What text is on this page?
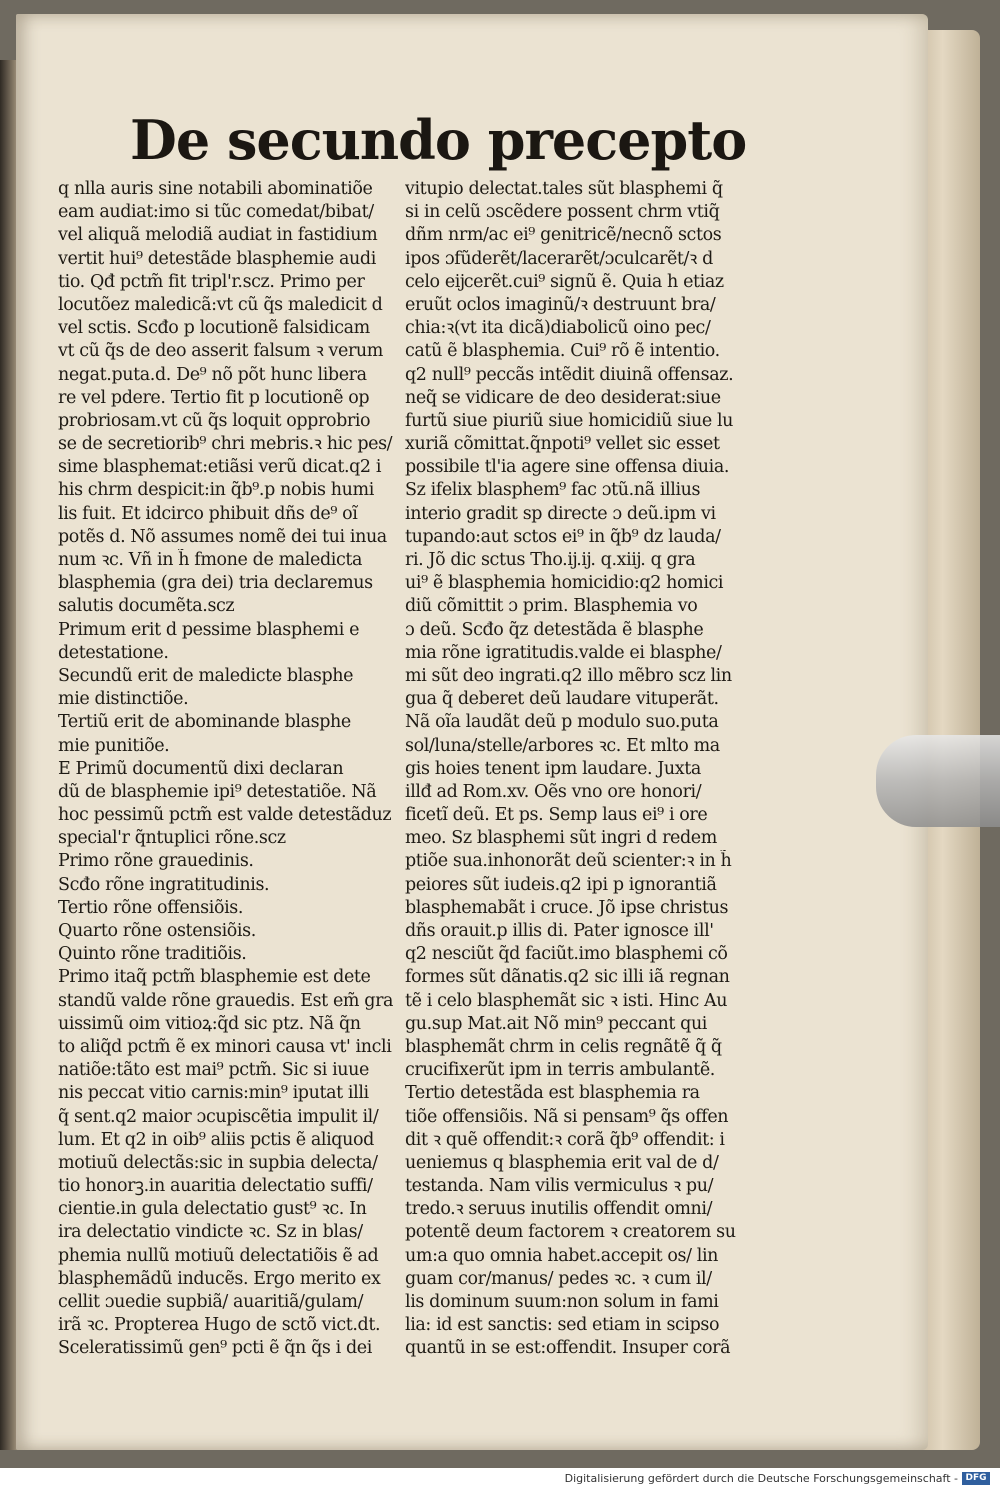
De secundo precepto
q nlla auris sine notabili abominatiõe
eam audiat:imo si tũc comedat/bibat/
vel aliquã melodiã audiat in fastidium
vertit hui⁹ detestãde blasphemie audi
tio. Qđ pctm̃ fit tripl'r.scz. Primo per
locutõez maledicã:vt cũ q̃s maledicit d
vel sctis. Scđo p locutionẽ falsidicam
vt cũ q̃s de deo asserit falsum ꝛ verum
negat.puta.d. De⁹ nõ põt hunc libera
re vel pdere. Tertio fit p locutionẽ op
probriosam.vt cũ q̃s loquit opprobrio
se de secretiorib⁹ chri mebris.ꝛ hic pes/
sime blasphemat:etiãsi verũ dicat.q2 i
his chrm despicit:in q̃b⁹.p nobis humi
lis fuit. Et idcirco phibuit dñs de⁹ oĩ
potẽs d. Nõ assumes nomẽ dei tui inua
num ꝛc. Vñ in h̃ fmone de maledicta
blasphemia (gra dei) tria declaremus
salutis documẽta.scz
Primum erit d pessime blasphemi e
detestatione.
Secundũ erit de maledicte blasphe
mie distinctiõe.
Tertiũ erit de abominande blasphe
mie punitiõe.
E Primũ documentũ dixi declaran
dũ de blasphemie ipi⁹ detestatiõe. Nã
hoc pessimũ pctm̃ est valde detestãduz
special'r q̃ntuplici rõne.scz
Primo rõne grauedinis.
Scđo rõne ingratitudinis.
Tertio rõne offensiõis.
Quarto rõne ostensiõis.
Quinto rõne traditiõis.
Primo itaq̃ pctm̃ blasphemie est dete
standũ valde rõne grauedis. Est em̃ gra
uissimũ oim vitioꝝ:q̃d sic ptz. Nã q̃n
to aliq̃d pctm̃ ẽ ex minori causa vt' incli
natiõe:tãto est mai⁹ pctm̃. Sic si iuue
nis peccat vitio carnis:min⁹ iputat illi
q̃ sent.q2 maior ɔcupiscẽtia impulit il/
lum. Et q2 in oib⁹ aliis pctis ẽ aliquod
motiuũ delectãs:sic in supbia delecta/
tio honorꝫ.in auaritia delectatio suffi/
cientie.in gula delectatio gust⁹ ꝛc. In
ira delectatio vindicte ꝛc. Sz in blas/
phemia nullũ motiuũ delectatiõis ẽ ad
blasphemãdũ inducẽs. Ergo merito ex
cellit ɔuedie supbiã/ auaritiã/gulam/
irã ꝛc. Propterea Hugo de sctõ vict.dt.
Sceleratissimũ gen⁹ pcti ẽ q̃n q̃s i dei
vitupio delectat.tales sũt blasphemi q̃
si in celũ ɔscẽdere possent chrm vtiq̃
dñm nrm/ac ei⁹ genitricẽ/necnõ sctos
ipos ɔfũderẽt/lacerarẽt/ɔculcarẽt/ꝛ d
celo eĳcerẽt.cui⁹ signũ ẽ. Quia h etiaz
eruũt oclos imaginũ/ꝛ destruunt bra/
chia:ꝛ(vt ita dicã)diabolicũ oino pec/
catũ ẽ blasphemia. Cui⁹ rõ ẽ intentio.
q2 null⁹ peccãs intẽdit diuinã offensaz.
neq̃ se vidicare de deo desiderat:siue
furtũ siue piuriũ siue homicidiũ siue lu
xuriã cõmittat.q̃npoti⁹ vellet sic esset
possibile tl'ia agere sine offensa diuia.
Sz ifelix blasphem⁹ fac ɔtũ.nã illius
interio gradit sp directe ɔ deũ.ipm vi
tupando:aut sctos ei⁹ in q̃b⁹ dz lauda/
ri. Jõ dic sctus Tho.ĳ.ĳ. q.xiĳ. q gra
ui⁹ ẽ blasphemia homicidio:q2 homici
diũ cõmittit ɔ prim. Blasphemia vo
ɔ deũ. Scđo q̃z detestãda ẽ blasphe
mia rõne igratitudis.valde ei blasphe/
mi sũt deo ingrati.q2 illo mẽbro scz lin
gua q̃ deberet deũ laudare vituperãt.
Nã oĩa laudãt deũ p modulo suo.puta
sol/luna/stelle/arbores ꝛc. Et mlto ma
gis hoies tenent ipm laudare. Juxta
illđ ad Rom.xv. Oẽs vno ore honori/
ficetĩ deũ. Et ps. Semp laus ei⁹ i ore
meo. Sz blasphemi sũt ingri d redem
ptiõe sua.inhonorãt deũ scienter:ꝛ in h̃
peiores sũt iudeis.q2 ipi p ignorantiã
blasphemabãt i cruce. Jõ ipse christus
dñs orauit.p illis di. Pater ignosce ill'
q2 nesciũt q̃d faciũt.imo blasphemi cõ
formes sũt dãnatis.q2 sic illi iã regnan
tẽ i celo blasphemãt sic ꝛ isti. Hinc Au
gu.sup Mat.ait Nõ min⁹ peccant qui
blasphemãt chrm in celis regnãtẽ q̃ q̃
crucifixerũt ipm in terris ambulantẽ.
Tertio detestãda est blasphemia ra
tiõe offensiõis. Nã si pensam⁹ q̃s offen
dit ꝛ quẽ offendit:ꝛ corã q̃b⁹ offendit: i
ueniemus q blasphemia erit val de d/
testanda. Nam vilis vermiculus ꝛ pu/
tredo.ꝛ seruus inutilis offendit omni/
potentẽ deum factorem ꝛ creatorem su
um:a quo omnia habet.accepit os/ lin
guam cor/manus/ pedes ꝛc. ꝛ cum il/
lis dominum suum:non solum in fami
lia: id est sanctis: sed etiam in scipso
quantũ in se est:offendit. Insuper corã
Digitalisierung gefördert durch die Deutsche Forschungsgemeinschaft - DFG
